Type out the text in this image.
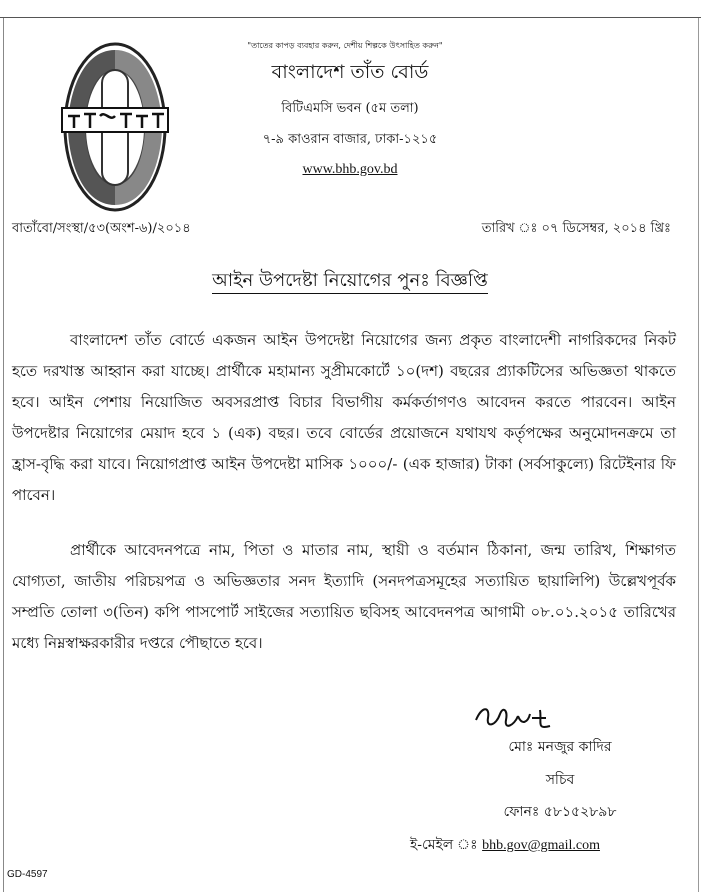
"তাতের কাপড় ব্যবহার করুন, দেশীয় শিল্পকে উৎসাহিত করুন"
বাংলাদেশ তাঁত বোর্ড
বিটিএমসি ভবন (৫ম তলা)
৭-৯ কাওরান বাজার, ঢাকা-১২১৫
www.bhb.gov.bd
বাতাঁবো/সংস্থা/৫৩(অংশ-৬)/২০১৪	তারিখ ঃ ০৭ ডিসেম্বর, ২০১৪ খ্রিঃ
আইন উপদেষ্টা নিয়োগের পুনঃ বিজ্ঞপ্তি

বাংলাদেশ তাঁত বোর্ডে একজন আইন উপদেষ্টা নিয়োগের জন্য প্রকৃত বাংলাদেশী নাগরিকদের নিকট হতে দরখাস্ত আহ্বান করা যাচ্ছে। প্রার্থীকে মহামান্য সুপ্রীমকোর্টে ১০(দশ) বছরের প্র্যাকটিসের অভিজ্ঞতা থাকতে হবে। আইন পেশায় নিয়োজিত অবসরপ্রাপ্ত বিচার বিভাগীয় কর্মকর্তাগণও আবেদন করতে পারবেন। আইন উপদেষ্টার নিয়োগের মেয়াদ হবে ১ (এক) বছর। তবে বোর্ডের প্রয়োজনে যথাযথ কর্তৃপক্ষের অনুমোদনক্রমে তা হ্রাস-বৃদ্ধি করা যাবে। নিয়োগপ্রাপ্ত আইন উপদেষ্টা মাসিক ১০০০/- (এক হাজার) টাকা (সর্বসাকুল্যে) রিটেইনার ফি পাবেন।

প্রার্থীকে আবেদনপত্রে নাম, পিতা ও মাতার নাম, স্থায়ী ও বর্তমান ঠিকানা, জন্ম তারিখ, শিক্ষাগত যোগ্যতা, জাতীয় পরিচয়পত্র ও অভিজ্ঞতার সনদ ইত্যাদি (সনদপত্রসমূহের সত্যায়িত ছায়ালিপি) উল্লেখপূর্বক সম্প্রতি তোলা ৩(তিন) কপি পাসপোর্ট সাইজের সত্যায়িত ছবিসহ আবেদনপত্র আগামী ০৮.০১.২০১৫ তারিখের মধ্যে নিম্নস্বাক্ষরকারীর দপ্তরে পৌছাতে হবে।

মোঃ মনজুর কাদির
সচিব
ফোনঃ ৫৮১৫২৮৯৮
ই-মেইল ঃ bhb.gov@gmail.com
GD-4597
